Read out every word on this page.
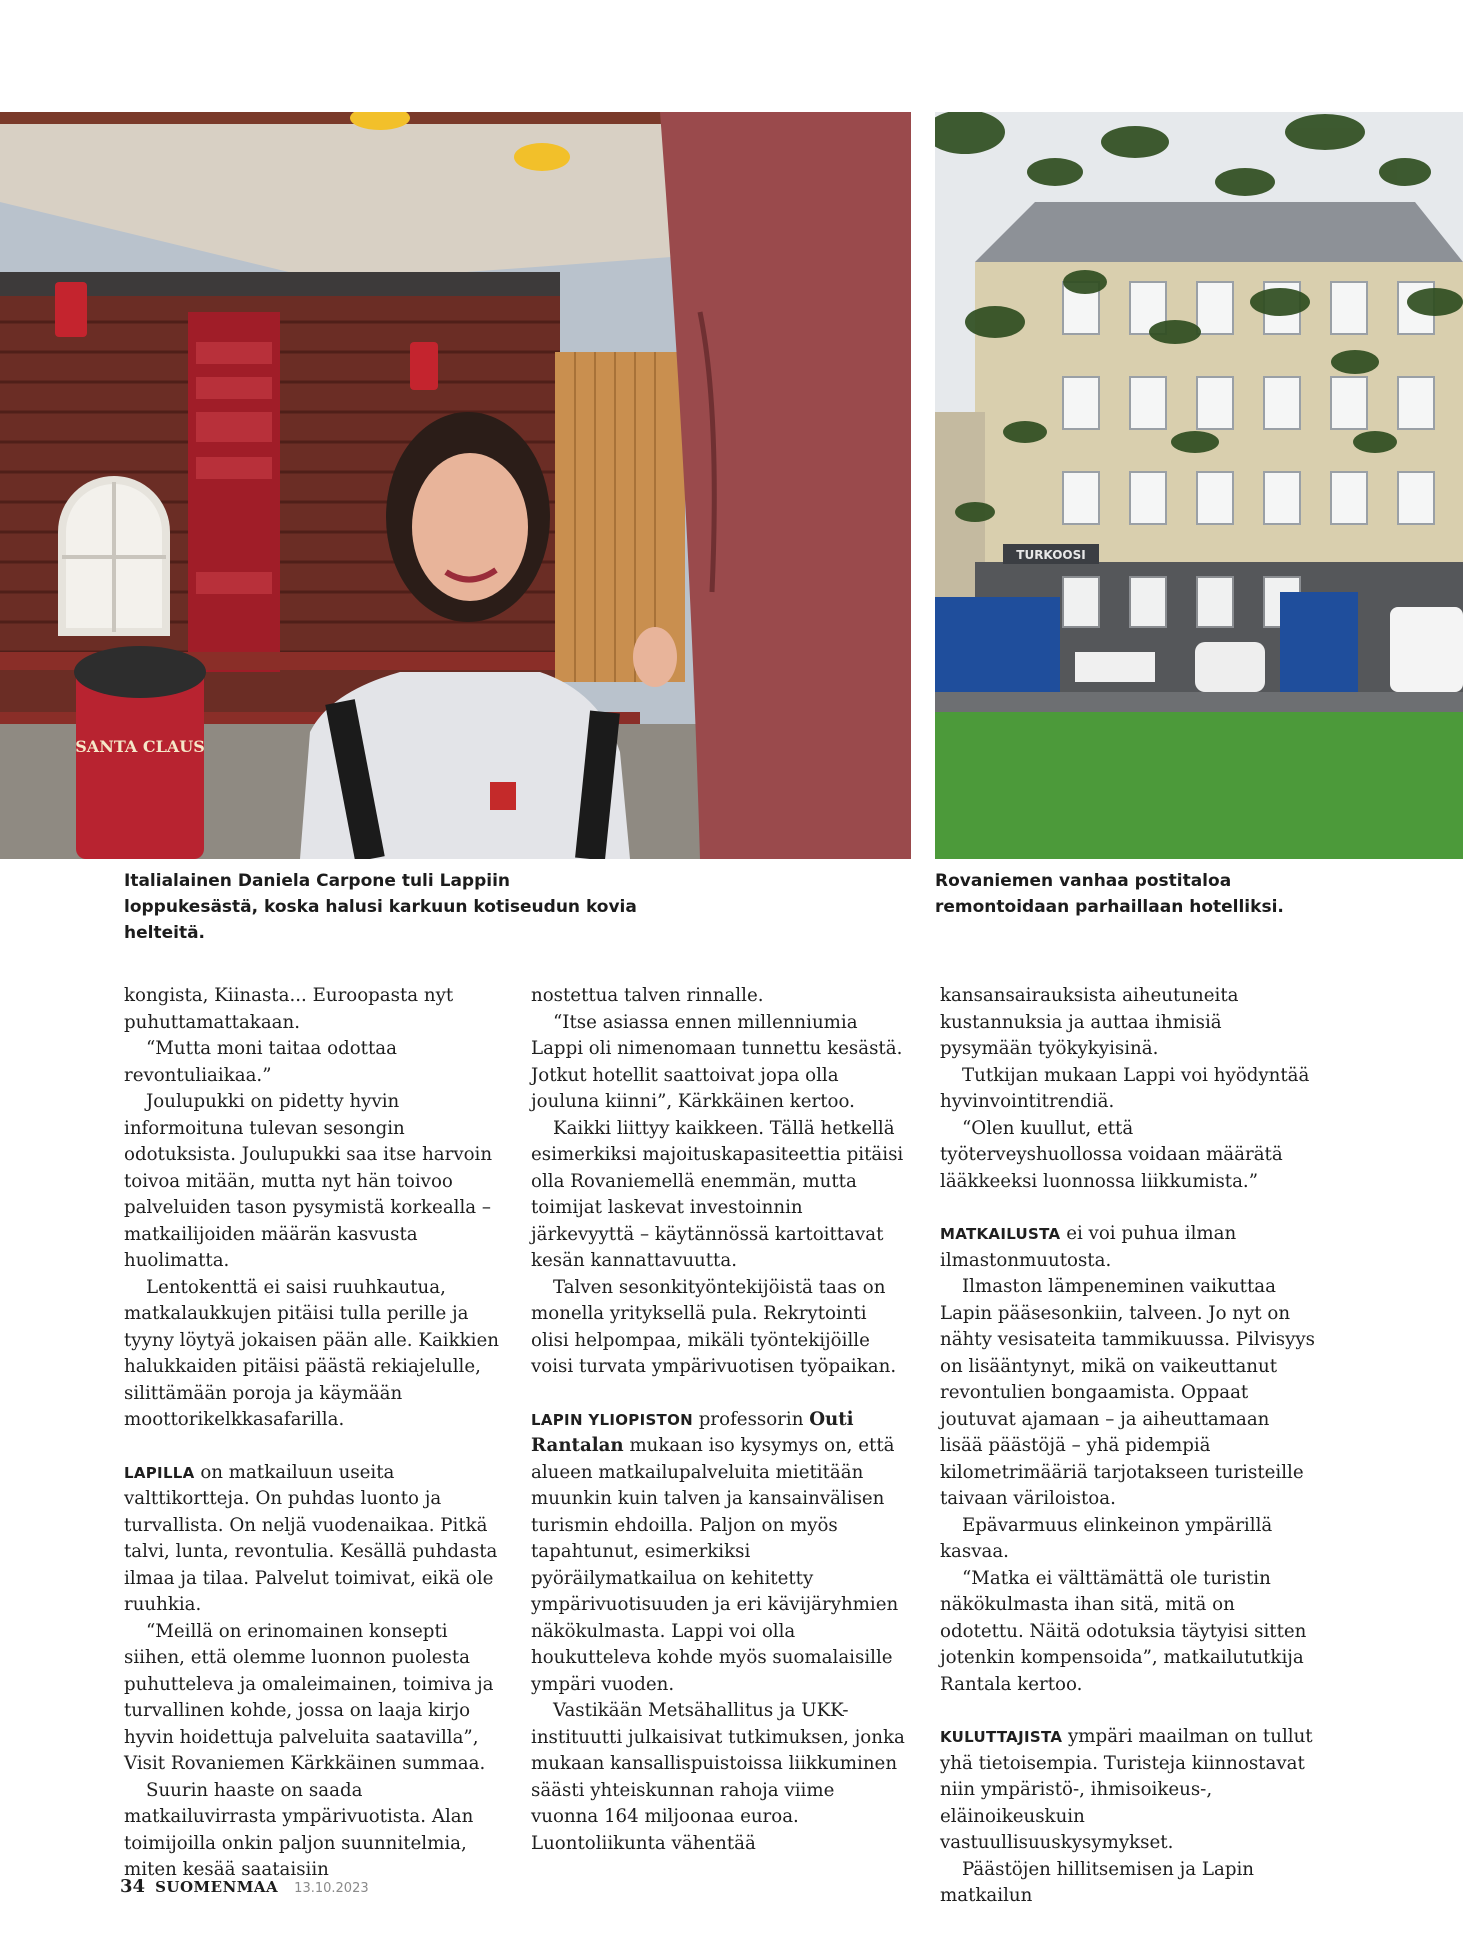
SANTA CLAUS
TURKOOSI
Italialainen Daniela Carpone tuli Lappiin loppukesästä, koska halusi karkuun kotiseudun kovia helteitä.
Rovaniemen vanhaa postitaloa remontoidaan parhaillaan hotelliksi.

kongista, Kiinasta... Euroopasta nyt puhuttamattakaan.

“Mutta moni taitaa odottaa revontuliaikaa.”

Joulupukki on pidetty hyvin informoituna tulevan sesongin odotuksista. Joulupukki saa itse harvoin toivoa mitään, mutta nyt hän toivoo palveluiden tason pysymistä korkealla – matkailijoiden määrän kasvusta huolimatta.

Lentokenttä ei saisi ruuhkautua, matkalaukkujen pitäisi tulla perille ja tyyny löytyä jokaisen pään alle. Kaikkien halukkaiden pitäisi päästä rekiajelulle, silittämään poroja ja käymään moottorikelkkasafarilla.

LAPILLA on matkailuun useita valttikortteja. On puhdas luonto ja turvallista. On neljä vuodenaikaa. Pitkä talvi, lunta, revontulia. Kesällä puhdasta ilmaa ja tilaa. Palvelut toimivat, eikä ole ruuhkia.

“Meillä on erinomainen konsepti siihen, että olemme luonnon puolesta puhutteleva ja omaleimainen, toimiva ja turvallinen kohde, jossa on laaja kirjo hyvin hoidettuja palveluita saatavilla”, Visit Rovaniemen Kärkkäinen summaa.

Suurin haaste on saada matkailuvirrasta ympärivuotista. Alan toimijoilla onkin paljon suunnitelmia, miten kesää saataisiin

nostettua talven rinnalle.

“Itse asiassa ennen millenniumia Lappi oli nimenomaan tunnettu kesästä. Jotkut hotellit saattoivat jopa olla jouluna kiinni”, Kärkkäinen kertoo.

Kaikki liittyy kaikkeen. Tällä hetkellä esimerkiksi majoituskapasiteettia pitäisi olla Rovaniemellä enemmän, mutta toimijat laskevat investoinnin järkevyyttä – käytännössä kartoittavat kesän kannattavuutta.

Talven sesonkityöntekijöistä taas on monella yrityksellä pula. Rekrytointi olisi helpompaa, mikäli työntekijöille voisi turvata ympärivuotisen työpaikan.

LAPIN YLIOPISTON professorin Outi Rantalan mukaan iso kysymys on, että alueen matkailupalveluita mietitään muunkin kuin talven ja kansainvälisen turismin ehdoilla. Paljon on myös tapahtunut, esimerkiksi pyöräilymatkailua on kehitetty ympärivuotisuuden ja eri kävijäryhmien näkökulmasta. Lappi voi olla houkutteleva kohde myös suomalaisille ympäri vuoden.

Vastikään Metsähallitus ja UKK-instituutti julkaisivat tutkimuksen, jonka mukaan kansallispuistoissa liikkuminen säästi yhteiskunnan rahoja viime vuonna 164 miljoonaa euroa. Luontoliikunta vähentää

kansansairauksista aiheutuneita kustannuksia ja auttaa ihmisiä pysymään työkykyisinä.

Tutkijan mukaan Lappi voi hyödyntää hyvinvointitrendiä.

“Olen kuullut, että työterveyshuollossa voidaan määrätä lääkkeeksi luonnossa liikkumista.”

MATKAILUSTA ei voi puhua ilman ilmastonmuutosta.

Ilmaston lämpeneminen vaikuttaa Lapin pääsesonkiin, talveen. Jo nyt on nähty vesisateita tammikuussa. Pilvisyys on lisääntynyt, mikä on vaikeuttanut revontulien bongaamista. Oppaat joutuvat ajamaan – ja aiheuttamaan lisää päästöjä – yhä pidempiä kilometrimääriä tarjotakseen turisteille taivaan väriloistoa.

Epävarmuus elinkeinon ympärillä kasvaa.

“Matka ei välttämättä ole turistin näkökulmasta ihan sitä, mitä on odotettu. Näitä odotuksia täytyisi sitten jotenkin kompensoida”, matkailututkija Rantala kertoo.

KULUTTAJISTA ympäri maailman on tullut yhä tietoisempia. Turisteja kiinnostavat niin ympäristö-, ihmisoikeus-, eläinoikeuskuin vastuullisuuskysymykset.

Päästöjen hillitsemisen ja Lapin matkailun

34 SUOMENMAA 13.10.2023
